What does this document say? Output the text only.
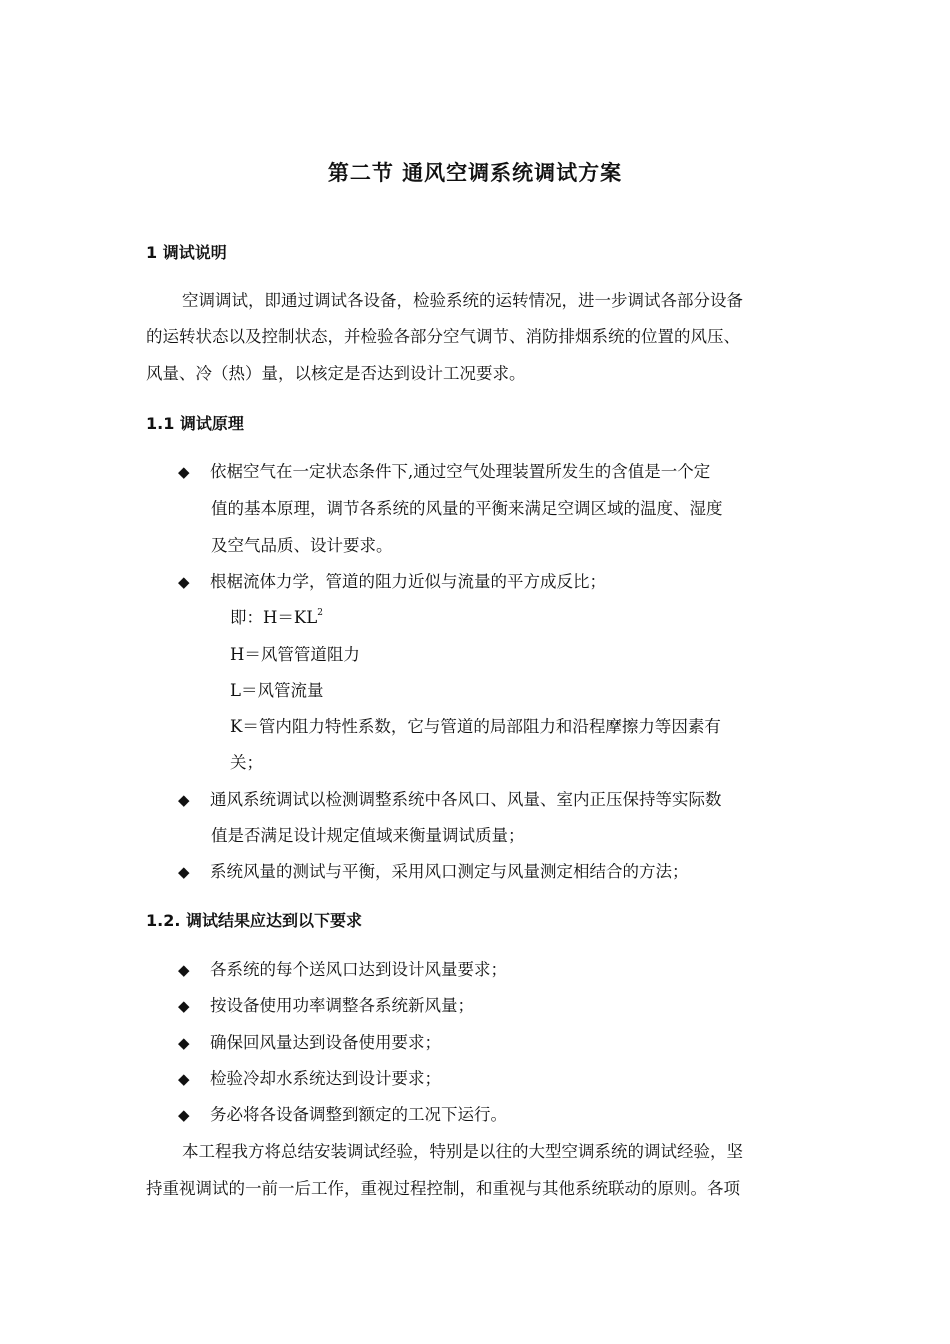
第二节 通风空调系统调试方案
1 调试说明
空调调试，即通过调试各设备，检验系统的运转情况，进一步调试各部分设备
的运转状态以及控制状态，并检验各部分空气调节、消防排烟系统的位置的风压、
风量、冷（热）量，以核定是否达到设计工况要求。
1.1 调试原理
◆ 依椐空气在一定状态条件下,通过空气处理装置所发生的含值是一个定
值的基本原理，调节各系统的风量的平衡来满足空调区域的温度、湿度
及空气品质、设计要求。
◆ 根椐流体力学，管道的阻力近似与流量的平方成反比；
即：$H=KL^2$
H＝风管管道阻力
L＝风管流量
K＝管内阻力特性系数，它与管道的局部阻力和沿程摩擦力等因素有
关；
◆ 通风系统调试以检测调整系统中各风口、风量、室内正压保持等实际数
值是否满足设计规定值域来衡量调试质量；
◆ 系统风量的测试与平衡，采用风口测定与风量测定相结合的方法；
1.2. 调试结果应达到以下要求
◆ 各系统的每个送风口达到设计风量要求；
◆ 按设备使用功率调整各系统新风量；
◆ 确保回风量达到设备使用要求；
◆ 检验冷却水系统达到设计要求；
◆ 务必将各设备调整到额定的工况下运行。
本工程我方将总结安装调试经验，特别是以往的大型空调系统的调试经验，坚
持重视调试的一前一后工作，重视过程控制，和重视与其他系统联动的原则。各项
